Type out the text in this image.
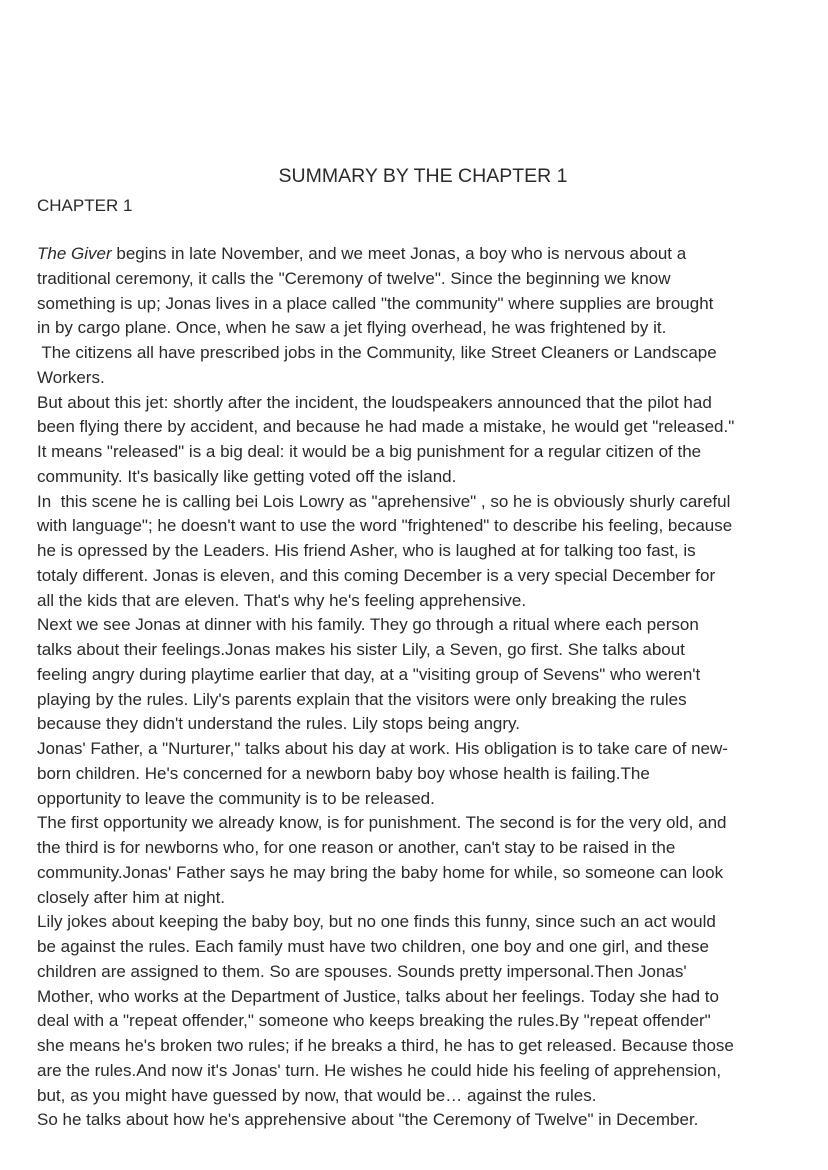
SUMMARY BY THE CHAPTER 1
CHAPTER 1

The Giver begins in late November, and we meet Jonas, a boy who is nervous about a

traditional ceremony, it calls the "Ceremony of twelve". Since the beginning we know

something is up; Jonas lives in a place called "the community" where supplies are brought

in by cargo plane. Once, when he saw a jet flying overhead, he was frightened by it.

The citizens all have prescribed jobs in the Community, like Street Cleaners or Landscape

Workers.

But about this jet: shortly after the incident, the loudspeakers announced that the pilot had

been flying there by accident, and because he had made a mistake, he would get "released."

It means "released" is a big deal: it would be a big punishment for a regular citizen of the

community. It's basically like getting voted off the island.

In  this scene he is calling bei Lois Lowry as "aprehensive" , so he is obviously shurly careful

with language"; he doesn't want to use the word "frightened" to describe his feeling, because

he is opressed by the Leaders. His friend Asher, who is laughed at for talking too fast, is

totaly different. Jonas is eleven, and this coming December is a very special December for

all the kids that are eleven. That's why he's feeling apprehensive.

Next we see Jonas at dinner with his family. They go through a ritual where each person

talks about their feelings.Jonas makes his sister Lily, a Seven, go first. She talks about

feeling angry during playtime earlier that day, at a "visiting group of Sevens" who weren't

playing by the rules. Lily's parents explain that the visitors were only breaking the rules

because they didn't understand the rules. Lily stops being angry.

Jonas' Father, a "Nurturer," talks about his day at work. His obligation is to take care of new-

born children. He's concerned for a newborn baby boy whose health is failing.The

opportunity to leave the community is to be released.

The first opportunity we already know, is for punishment. The second is for the very old, and

the third is for newborns who, for one reason or another, can't stay to be raised in the

community.Jonas' Father says he may bring the baby home for while, so someone can look

closely after him at night.

Lily jokes about keeping the baby boy, but no one finds this funny, since such an act would

be against the rules. Each family must have two children, one boy and one girl, and these

children are assigned to them. So are spouses. Sounds pretty impersonal.Then Jonas'

Mother, who works at the Department of Justice, talks about her feelings. Today she had to

deal with a "repeat offender," someone who keeps breaking the rules.By "repeat offender"

she means he's broken two rules; if he breaks a third, he has to get released. Because those

are the rules.And now it's Jonas' turn. He wishes he could hide his feeling of apprehension,

but, as you might have guessed by now, that would be… against the rules.

So he talks about how he's apprehensive about "the Ceremony of Twelve" in December.
